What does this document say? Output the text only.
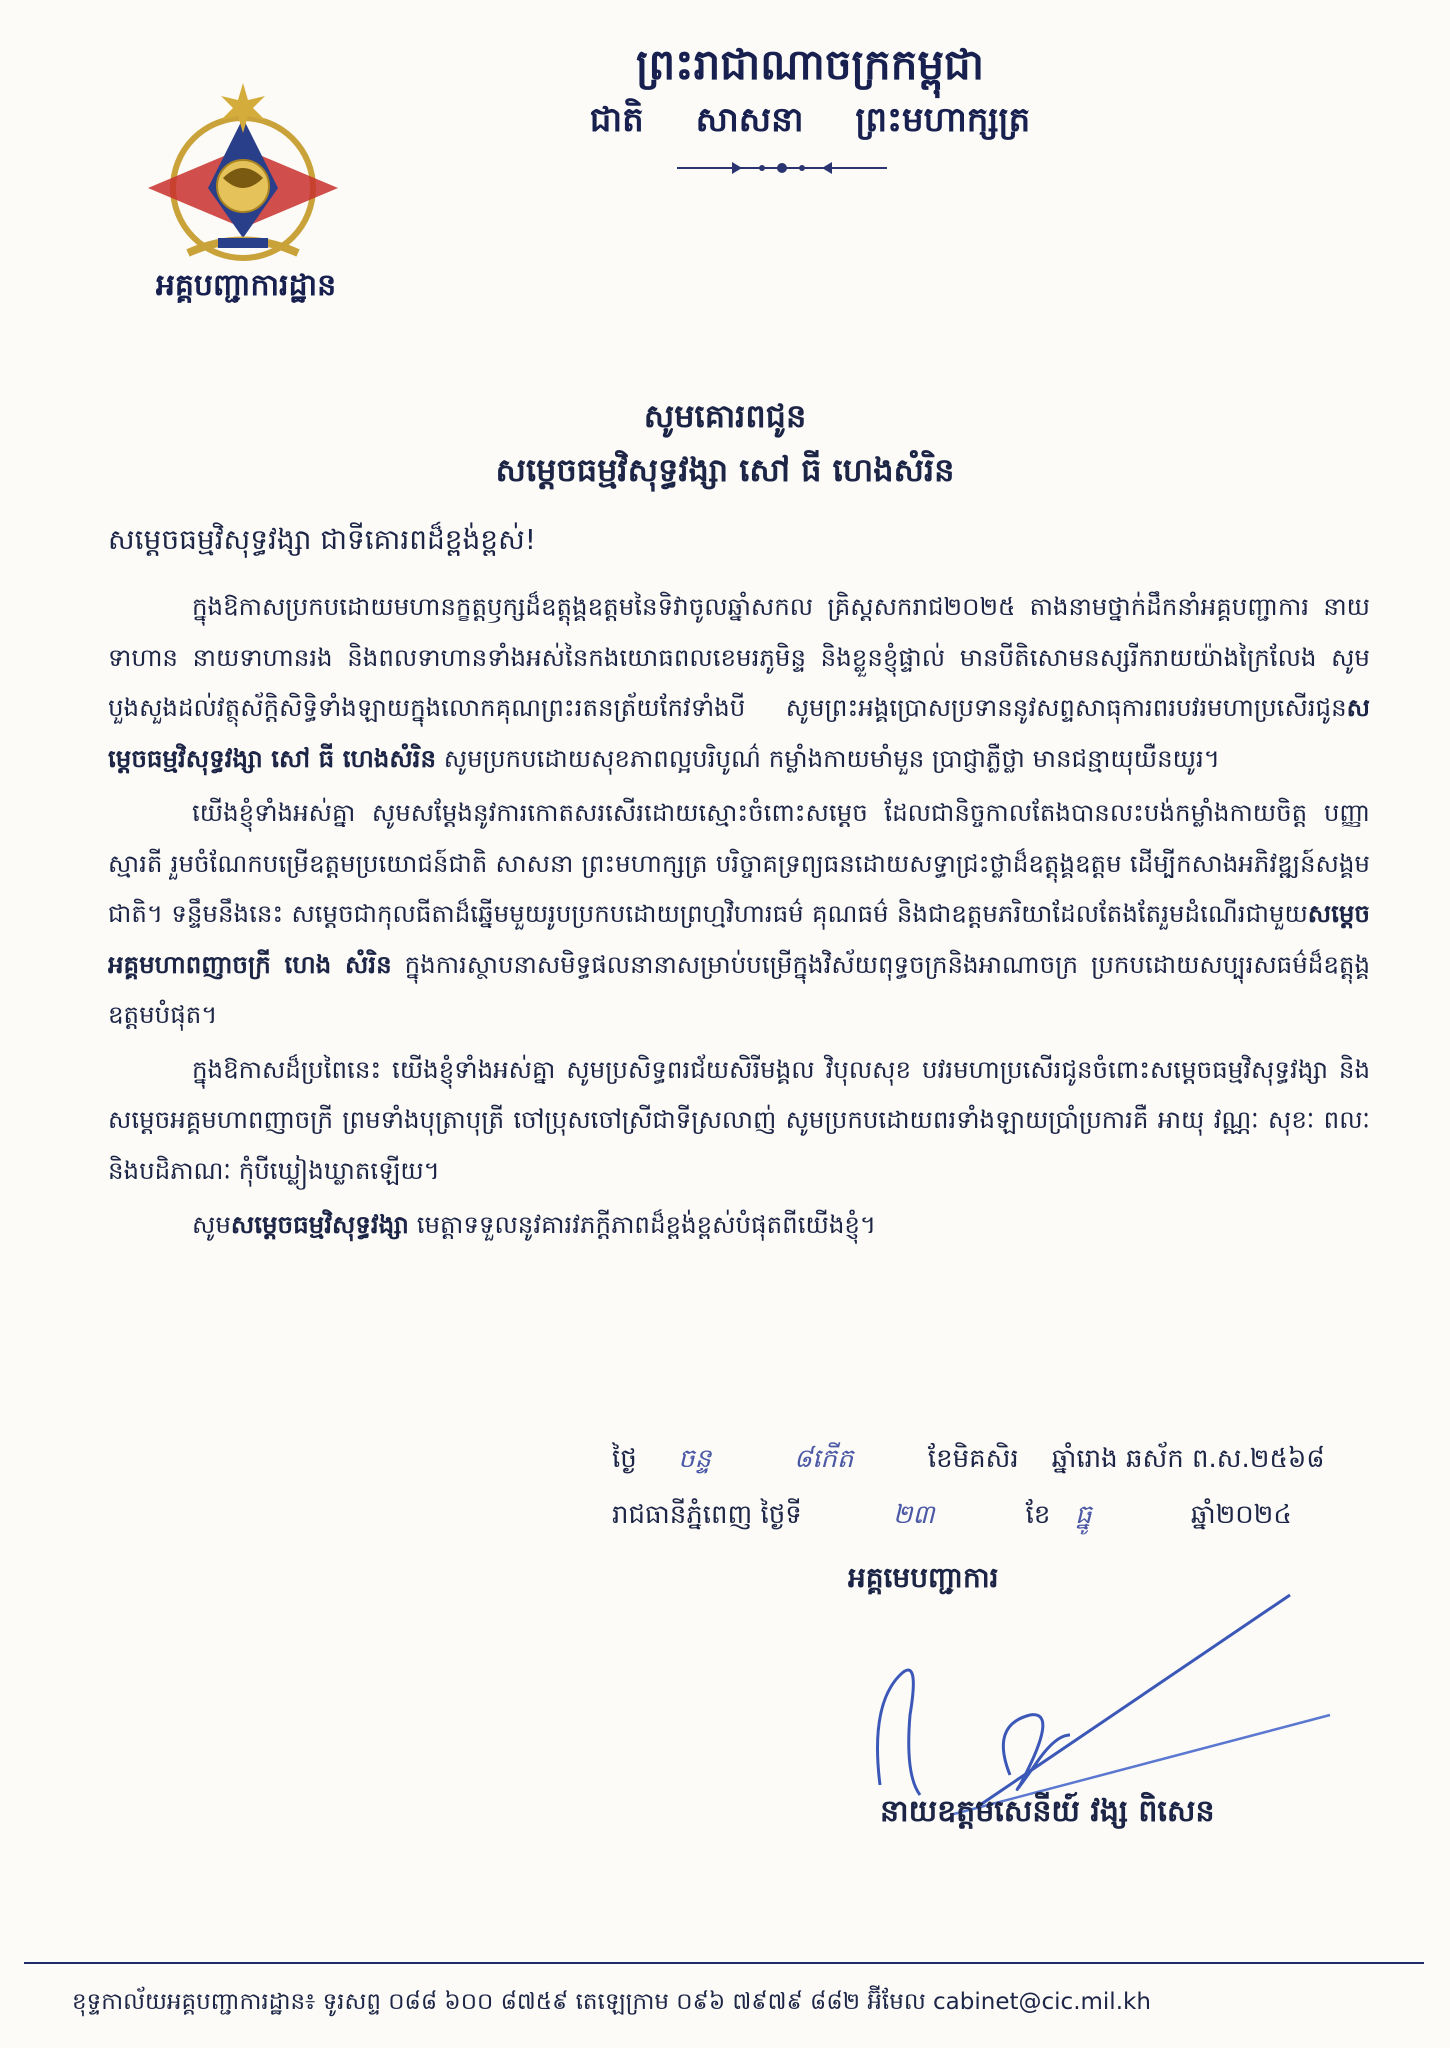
អគ្គបញ្ជាការដ្ឋាន
ព្រះរាជាណាចក្រកម្ពុជា
ជាតិ សាសនា ព្រះមហាក្សត្រ
សូមគោរពជូន
សម្តេចធម្មវិសុទ្ធវង្សា សៅ ធី ហេងសំរិន
សម្តេចធម្មវិសុទ្ធវង្សា ជាទីគោរពដ៏ខ្ពង់ខ្ពស់!

ក្នុងឱកាសប្រកបដោយមហានក្ខត្តឫក្សដ៏ឧត្តុង្គឧត្តមនៃទិវាចូលឆ្នាំសកល គ្រិស្តសករាជ២០២៥ តាងនាមថ្នាក់ដឹកនាំអគ្គបញ្ជាការ នាយទាហាន នាយទាហានរង និងពលទាហានទាំងអស់នៃកងយោធពលខេមរភូមិន្ទ និងខ្លួនខ្ញុំផ្ទាល់ មានបីតិសោមនស្សរីករាយយ៉ាងក្រៃលែង សូមបួងសួងដល់វត្ថុស័ក្តិសិទ្ធិទាំងឡាយក្នុងលោកគុណព្រះរតនត្រ័យកែវទាំងបី សូមព្រះអង្គប្រោសប្រទាននូវសព្ទសាធុការពរបវរមហាប្រសើរជូនសម្តេចធម្មវិសុទ្ធវង្សា សៅ ធី ហេងសំរិន សូមប្រកបដោយសុខភាពល្អបរិបូណ៌ កម្លាំងកាយមាំមួន ប្រាជ្ញាភ្លឺថ្លា មានជន្មាយុយឺនយូរ។

យើងខ្ញុំទាំងអស់គ្នា សូមសម្តែងនូវការកោតសរសើរដោយស្មោះចំពោះសម្តេច ដែលជានិច្ចកាលតែងបានលះបង់កម្លាំងកាយចិត្ត បញ្ញាស្មារតី រួមចំណែកបម្រើឧត្តមប្រយោជន៍ជាតិ សាសនា ព្រះមហាក្សត្រ បរិច្ចាគទ្រព្យធនដោយសទ្ធាជ្រះថ្លាដ៏ឧត្តុង្គឧត្តម ដើម្បីកសាងអភិវឌ្ឍន៍សង្គមជាតិ។ ទន្ទឹមនឹងនេះ សម្តេចជាកុលធីតាដ៏ឆ្នើមមួយរូបប្រកបដោយព្រហ្មវិហារធម៌ គុណធម៌ និងជាឧត្តមភរិយាដែលតែងតែរួមដំណើរជាមួយសម្តេចអគ្គមហាពញាចក្រី ហេង សំរិន ក្នុងការស្ថាបនាសមិទ្ធផលនានាសម្រាប់បម្រើក្នុងវិស័យពុទ្ធចក្រនិងអាណាចក្រ ប្រកបដោយសប្បុរសធម៌ដ៏ឧត្តុង្គឧត្តមបំផុត។

ក្នុងឱកាសដ៏ប្រពៃនេះ យើងខ្ញុំទាំងអស់គ្នា សូមប្រសិទ្ធពរជ័យសិរីមង្គល វិបុលសុខ បវរមហាប្រសើរជូនចំពោះសម្តេចធម្មវិសុទ្ធវង្សា និងសម្តេចអគ្គមហាពញាចក្រី ព្រមទាំងបុត្រាបុត្រី ចៅប្រុសចៅស្រីជាទីស្រលាញ់ សូមប្រកបដោយពរទាំងឡាយប្រាំប្រការគឺ អាយុ វណ្ណៈ សុខៈ ពលៈ និងបដិភាណៈ កុំបីឃ្លៀងឃ្លាតឡើយ។

សូមសម្តេចធម្មវិសុទ្ធវង្សា មេត្តាទទួលនូវគារវភក្តីភាពដ៏ខ្ពង់ខ្ពស់បំផុតពីយើងខ្ញុំ។

ថ្ងៃ ចន្ទ	៨កើត	ខែមិគសិរ ឆ្នាំរោង ឆស័ក ព.ស.២៥៦៨
រាជធានីភ្នំពេញ ថ្ងៃទី	២៣	ខែ ធ្នូ	ឆ្នាំ២០២៤
អគ្គមេបញ្ជាការ
នាយឧត្តមសេនីយ៍ វង្ស ពិសេន
ខុទ្ទកាល័យអគ្គបញ្ជាការដ្ឋាន៖ ទូរសព្ទ ០៨៨ ៦០០ ៨៧៥៩ តេឡេក្រាម ០៩៦ ៧៩៧៩ ៨៨២ អ៊ីមែល cabinet@cic.mil.kh
